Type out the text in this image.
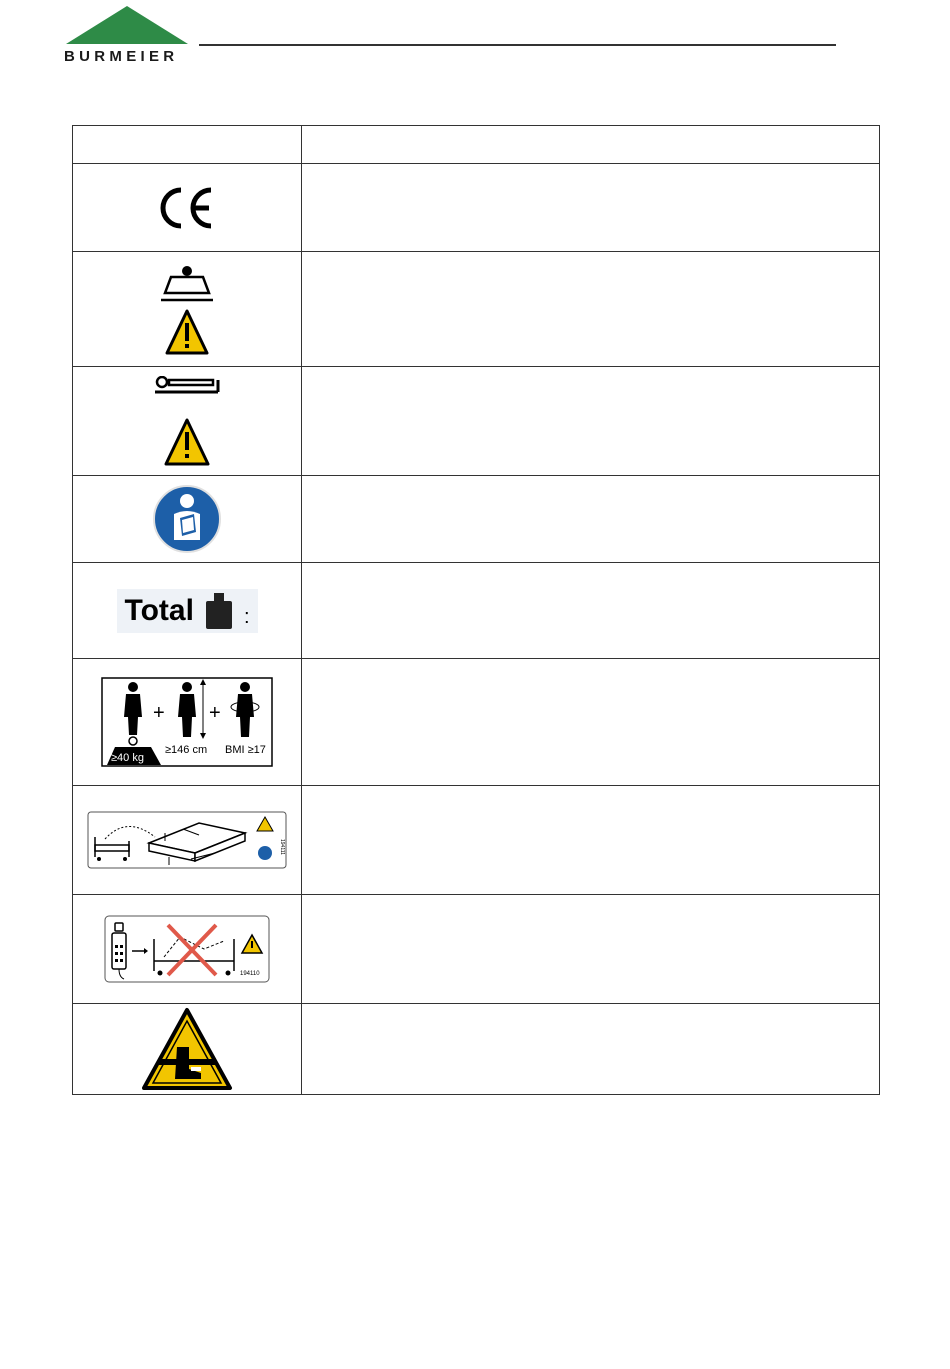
BURMEIER

Total :	

≥40 kg
+
≥146 cm
+
BMI ≥17	

194111	

194110	
